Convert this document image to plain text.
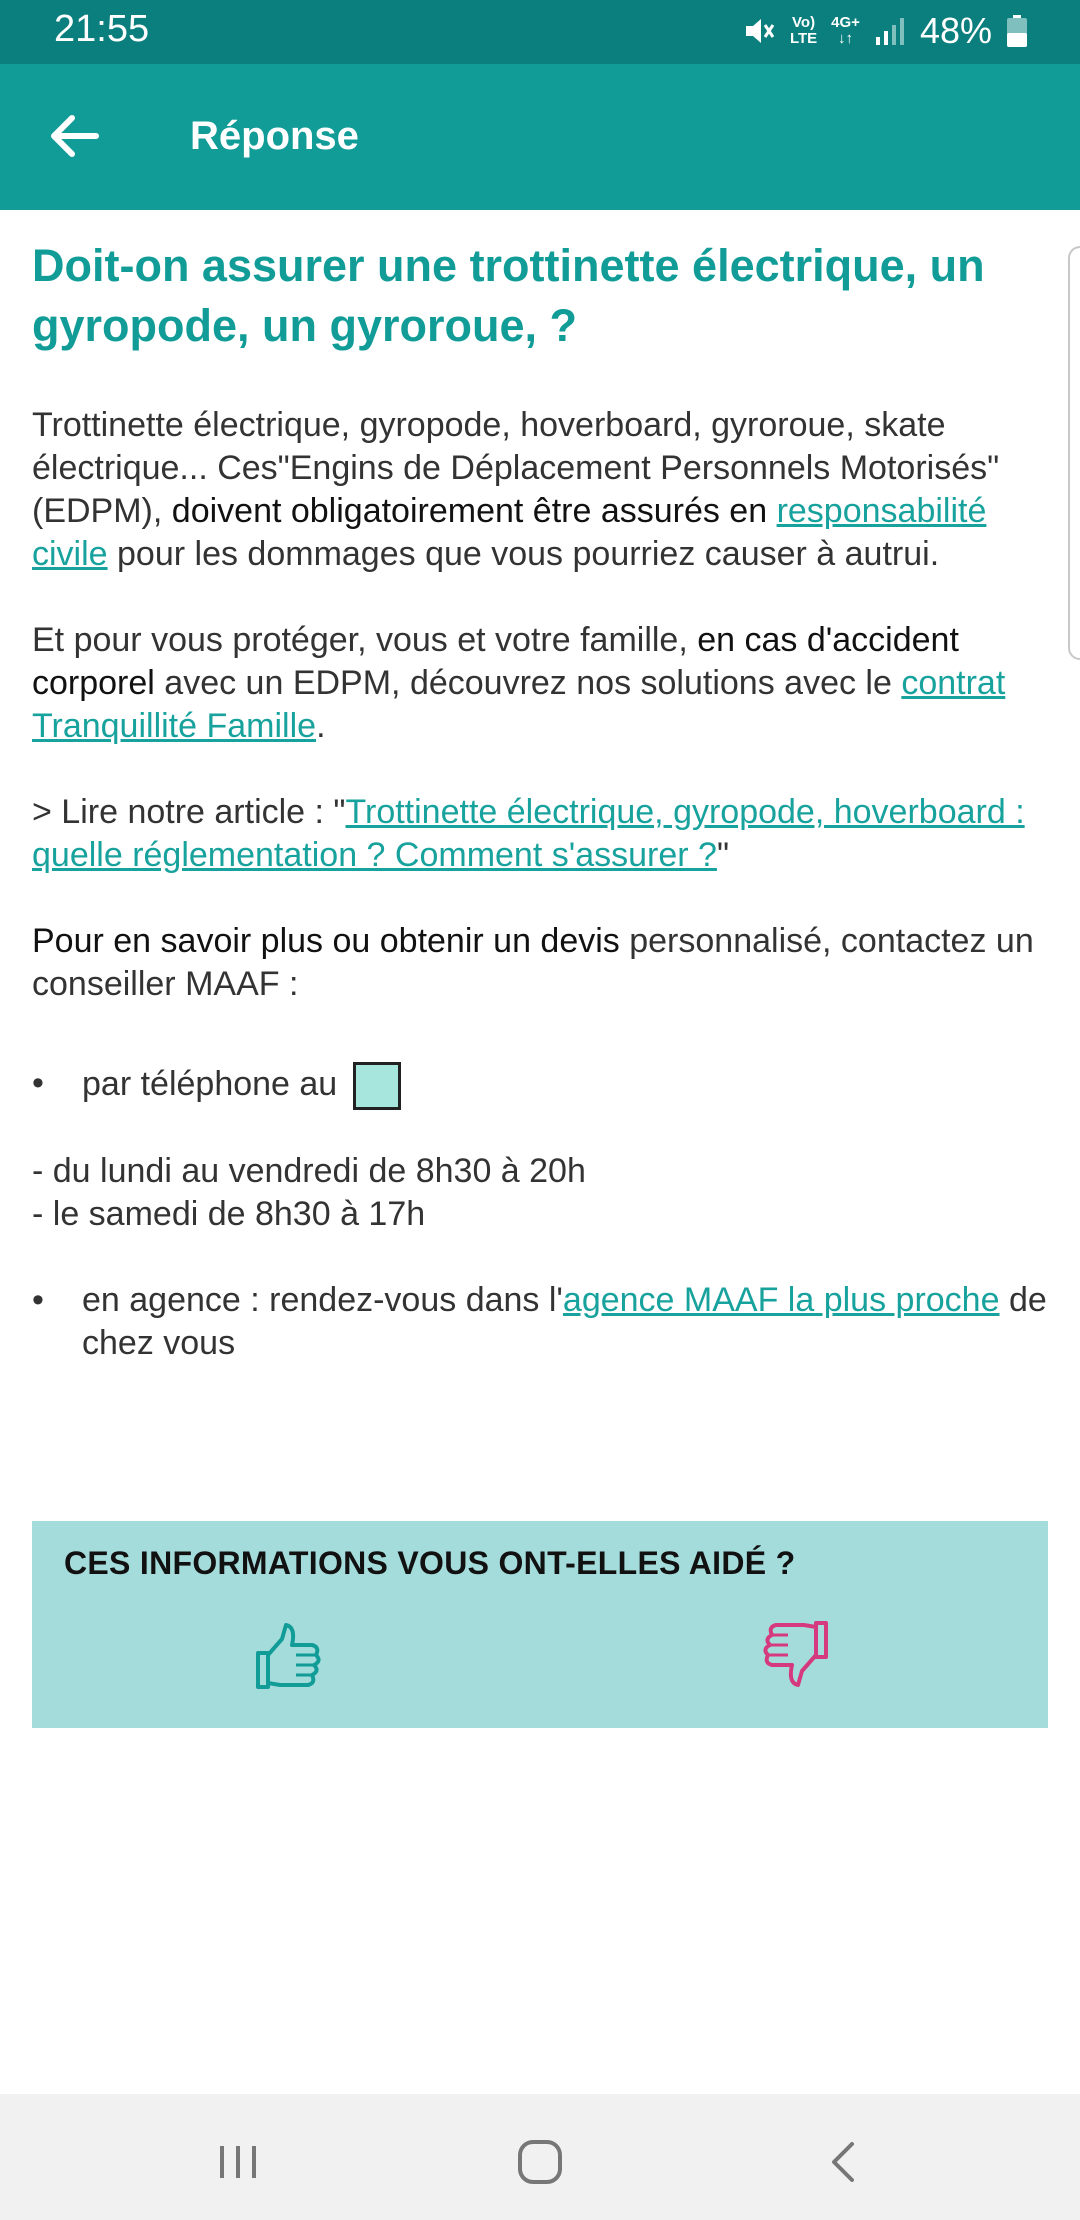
21:55	Vo)
LTE
4G+
↓↑ 48%
Réponse
Doit-on assurer une trottinette électrique, un gyropode, un gyroroue, ?
Trottinette électrique, gyropode, hoverboard, gyroroue, skate électrique... Ces"Engins de Déplacement Personnels Motorisés" (EDPM), doivent obligatoirement être assurés en responsabilité civile pour les dommages que vous pourriez causer à autrui.
Et pour vous protéger, vous et votre famille, en cas d'accident corporel avec un EDPM, découvrez nos solutions avec le contrat Tranquillité Famille.
> Lire notre article : "Trottinette électrique, gyropode, hoverboard : quelle réglementation ? Comment s'assurer ?"
Pour en savoir plus ou obtenir un devis personnalisé, contactez un conseiller MAAF :
• par téléphone au
- du lundi au vendredi de 8h30 à 20h
- le samedi de 8h30 à 17h
• en agence : rendez-vous dans l'agence MAAF la plus proche de chez vous
CES INFORMATIONS VOUS ONT-ELLES AIDÉ ?
